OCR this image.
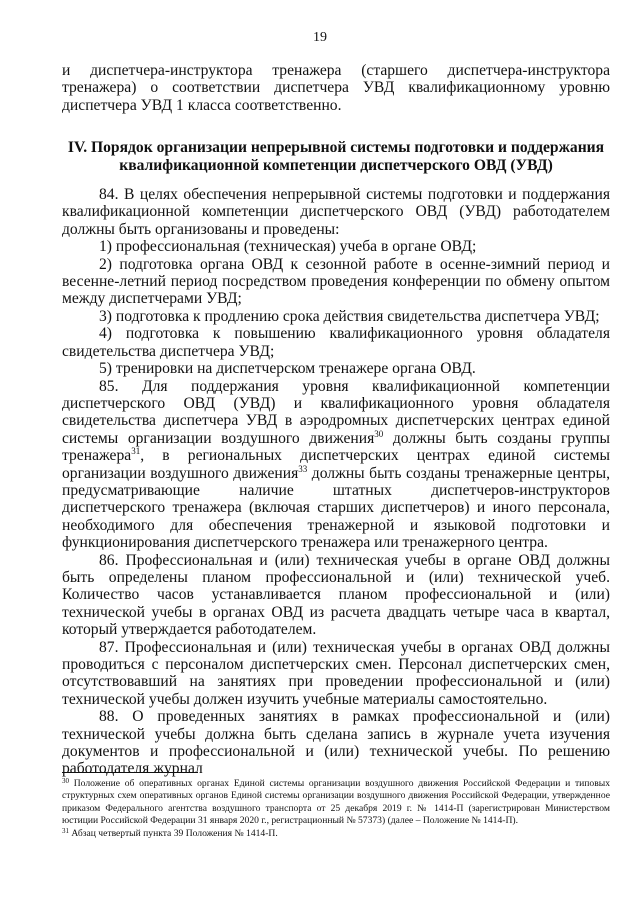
19

и диспетчера-инструктора тренажера (старшего диспетчера-инструктора тренажера) о соответствии диспетчера УВД квалификационному уровню диспетчера УВД 1 класса соответственно.

IV. Порядок организации непрерывной системы подготовки и поддержания квалификационной компетенции диспетчерского ОВД (УВД)

84. В целях обеспечения непрерывной системы подготовки и поддержания квалификационной компетенции диспетчерского ОВД (УВД) работодателем должны быть организованы и проведены:

1) профессиональная (техническая) учеба в органе ОВД;

2) подготовка органа ОВД к сезонной работе в осенне-зимний период и весенне-летний период посредством проведения конференции по обмену опытом между диспетчерами УВД;

3) подготовка к продлению срока действия свидетельства диспетчера УВД;

4) подготовка к повышению квалификационного уровня обладателя свидетельства диспетчера УВД;

5) тренировки на диспетчерском тренажере органа ОВД.

85. Для поддержания уровня квалификационной компетенции диспетчерского ОВД (УВД) и квалификационного уровня обладателя свидетельства диспетчера УВД в аэродромных диспетчерских центрах единой системы организации воздушного движения$^{30}$ должны быть созданы группы тренажера$^{31}$, в региональных диспетчерских центрах единой системы организации воздушного движения$^{33}$ должны быть созданы тренажерные центры, предусматривающие наличие штатных диспетчеров-инструкторов диспетчерского тренажера (включая старших диспетчеров) и иного персонала, необходимого для обеспечения тренажерной и языковой подготовки и функционирования диспетчерского тренажера или тренажерного центра.

86. Профессиональная и (или) техническая учебы в органе ОВД должны быть определены планом профессиональной и (или) технической учеб. Количество часов устанавливается планом профессиональной и (или) технической учебы в органах ОВД из расчета двадцать четыре часа в квартал, который утверждается работодателем.

87. Профессиональная и (или) техническая учебы в органах ОВД должны проводиться с персоналом диспетчерских смен. Персонал диспетчерских смен, отсутствовавший на занятиях при проведении профессиональной и (или) технической учебы должен изучить учебные материалы самостоятельно.

88. О проведенных занятиях в рамках профессиональной и (или) технической учебы должна быть сделана запись в журнале учета изучения документов и профессиональной и (или) технической учебы. По решению работодателя журнал

$^{30}$ Положение об оперативных органах Единой системы организации воздушного движения Российской Федерации и типовых структурных схем оперативных органов Единой системы организации воздушного движения Российской Федерации, утвержденное приказом Федерального агентства воздушного транспорта от 25 декабря 2019 г. № 1414-П (зарегистрирован Министерством юстиции Российской Федерации 31 января 2020 г., регистрационный № 57373) (далее – Положение № 1414-П).

$^{31}$ Абзац четвертый пункта 39 Положения № 1414-П.
